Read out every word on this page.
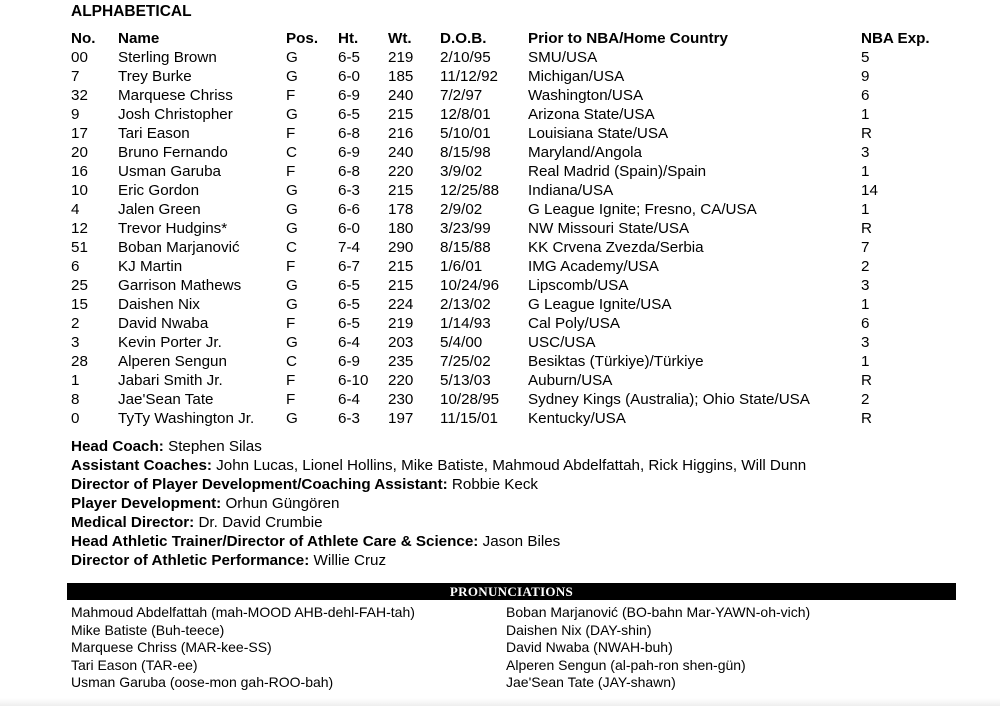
ALPHABETICAL
No.	Name	Pos.	Ht.	Wt.	D.O.B.	Prior to NBA/Home Country	NBA Exp.
00	Sterling Brown	G	6-5	219	2/10/95	SMU/USA	5
7	Trey Burke	G	6-0	185	11/12/92	Michigan/USA	9
32	Marquese Chriss	F	6-9	240	7/2/97	Washington/USA	6
9	Josh Christopher	G	6-5	215	12/8/01	Arizona State/USA	1
17	Tari Eason	F	6-8	216	5/10/01	Louisiana State/USA	R
20	Bruno Fernando	C	6-9	240	8/15/98	Maryland/Angola	3
16	Usman Garuba	F	6-8	220	3/9/02	Real Madrid (Spain)/Spain	1
10	Eric Gordon	G	6-3	215	12/25/88	Indiana/USA	14
4	Jalen Green	G	6-6	178	2/9/02	G League Ignite; Fresno, CA/USA	1
12	Trevor Hudgins*	G	6-0	180	3/23/99	NW Missouri State/USA	R
51	Boban Marjanović	C	7-4	290	8/15/88	KK Crvena Zvezda/Serbia	7
6	KJ Martin	F	6-7	215	1/6/01	IMG Academy/USA	2
25	Garrison Mathews	G	6-5	215	10/24/96	Lipscomb/USA	3
15	Daishen Nix	G	6-5	224	2/13/02	G League Ignite/USA	1
2	David Nwaba	F	6-5	219	1/14/93	Cal Poly/USA	6
3	Kevin Porter Jr.	G	6-4	203	5/4/00	USC/USA	3
28	Alperen Sengun	C	6-9	235	7/25/02	Besiktas (Türkiye)/Türkiye	1
1	Jabari Smith Jr.	F	6-10	220	5/13/03	Auburn/USA	R
8	Jae'Sean Tate	F	6-4	230	10/28/95	Sydney Kings (Australia); Ohio State/USA	2
0	TyTy Washington Jr.	G	6-3	197	11/15/01	Kentucky/USA	R
Head Coach: Stephen Silas
Assistant Coaches: John Lucas, Lionel Hollins, Mike Batiste, Mahmoud Abdelfattah, Rick Higgins, Will Dunn
Director of Player Development/Coaching Assistant: Robbie Keck
Player Development: Orhun Güngören
Medical Director: Dr. David Crumbie
Head Athletic Trainer/Director of Athlete Care & Science: Jason Biles
Director of Athletic Performance: Willie Cruz
PRONUNCIATIONS
Mahmoud Abdelfattah (mah-MOOD AHB-dehl-FAH-tah)
Mike Batiste (Buh-teece)
Marquese Chriss (MAR-kee-SS)
Tari Eason (TAR-ee)
Usman Garuba (oose-mon gah-ROO-bah)
Boban Marjanović (BO-bahn Mar-YAWN-oh-vich)
Daishen Nix (DAY-shin)
David Nwaba (NWAH-buh)
Alperen Sengun (al-pah-ron shen-gün)
Jae'Sean Tate (JAY-shawn)
